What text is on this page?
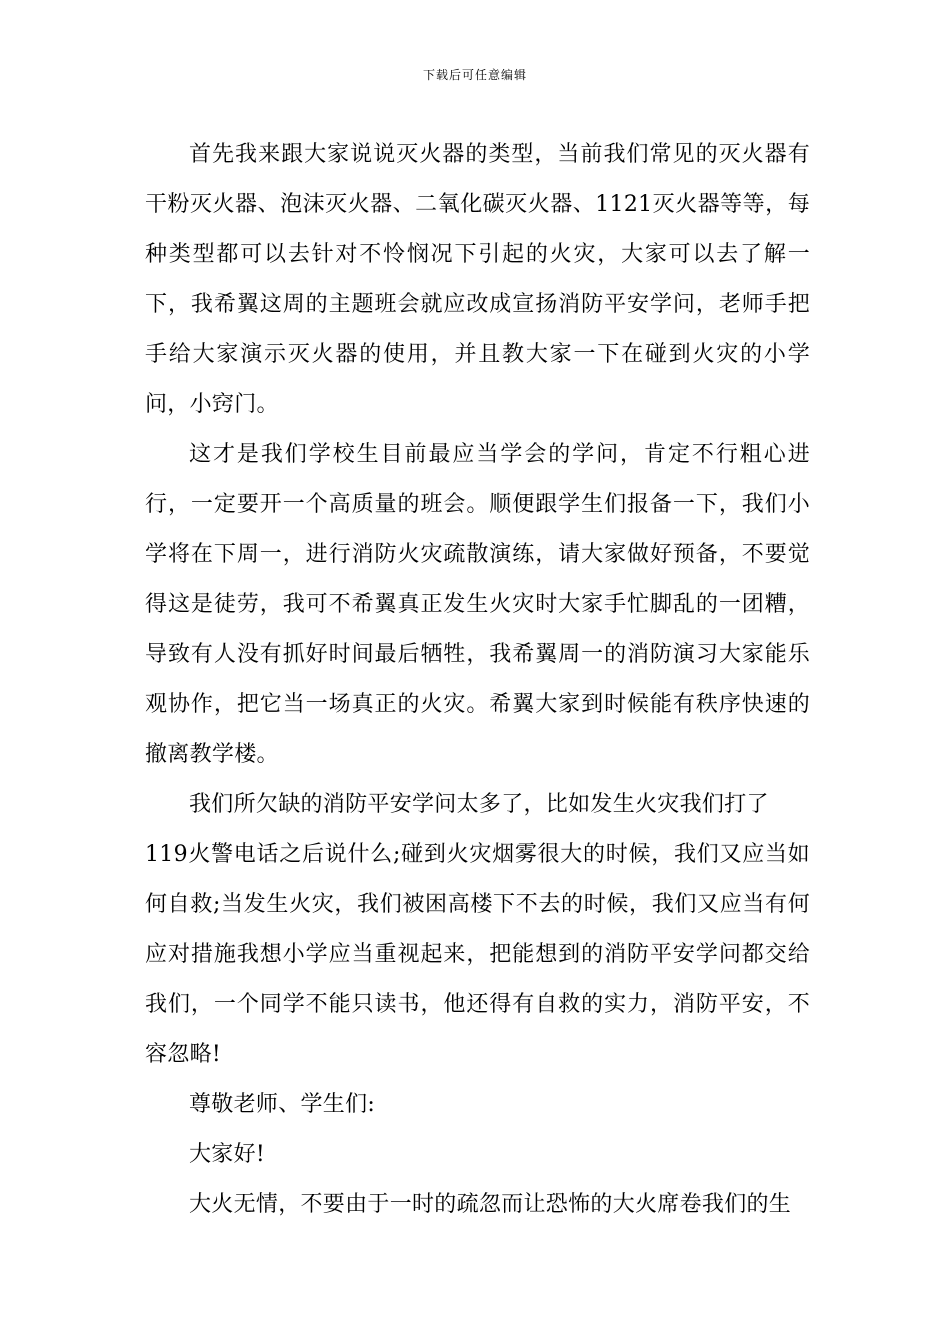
下载后可任意编辑

首先我来跟大家说说灭火器的类型，当前我们常见的灭火器有干粉灭火器、泡沫灭火器、二氧化碳灭火器、1121灭火器等等，每种类型都可以去针对不怜悯况下引起的火灾，大家可以去了解一下，我希翼这周的主题班会就应改成宣扬消防平安学问，老师手把手给大家演示灭火器的使用，并且教大家一下在碰到火灾的小学问，小窍门。

这才是我们学校生目前最应当学会的学问，肯定不行粗心进行，一定要开一个高质量的班会。顺便跟学生们报备一下，我们小学将在下周一，进行消防火灾疏散演练，请大家做好预备，不要觉得这是徒劳，我可不希翼真正发生火灾时大家手忙脚乱的一团糟，导致有人没有抓好时间最后牺牲，我希翼周一的消防演习大家能乐观协作，把它当一场真正的火灾。希翼大家到时候能有秩序快速的撤离教学楼。

我们所欠缺的消防平安学问太多了，比如发生火灾我们打了
119火警电话之后说什么;碰到火灾烟雾很大的时候，我们又应当如何自救;当发生火灾，我们被困高楼下不去的时候，我们又应当有何应对措施我想小学应当重视起来，把能想到的消防平安学问都交给我们，一个同学不能只读书，他还得有自救的实力，消防平安，不容忽略!

尊敬老师、学生们:

大家好!

大火无情，不要由于一时的疏忽而让恐怖的大火席卷我们的生
